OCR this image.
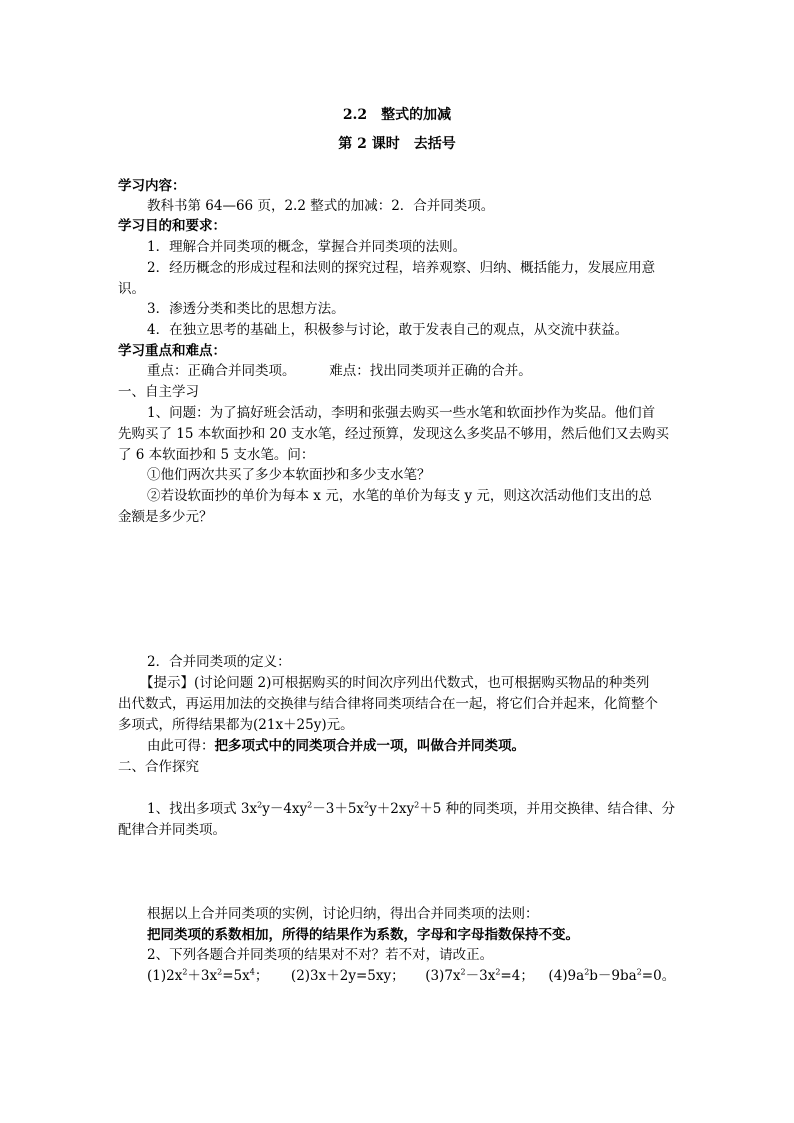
2.2　整式的加减
第 2 课时　去括号
学习内容：
教科书第 64—66 页，2.2 整式的加减：2．合并同类项。
学习目的和要求：
1．理解合并同类项的概念，掌握合并同类项的法则。
2．经历概念的形成过程和法则的探究过程，培养观察、归纳、概括能力，发展应用意
识。
3．渗透分类和类比的思想方法。
4．在独立思考的基础上，积极参与讨论，敢于发表自己的观点，从交流中获益。
学习重点和难点：
重点：正确合并同类项。　　　难点：找出同类项并正确的合并。
一、自主学习
1、问题：为了搞好班会活动，李明和张强去购买一些水笔和软面抄作为奖品。他们首
先购买了 15 本软面抄和 20 支水笔，经过预算，发现这么多奖品不够用，然后他们又去购买
了 6 本软面抄和 5 支水笔。问：
①他们两次共买了多少本软面抄和多少支水笔？
②若设软面抄的单价为每本 x 元，水笔的单价为每支 y 元，则这次活动他们支出的总
金额是多少元？
2．合并同类项的定义：
【提示】(讨论问题 2)可根据购买的时间次序列出代数式，也可根据购买物品的种类列
出代数式，再运用加法的交换律与结合律将同类项结合在一起，将它们合并起来，化简整个
多项式，所得结果都为(21x＋25y)元。
由此可得：把多项式中的同类项合并成一项，叫做合并同类项。
二、合作探究
1、找出多项式 $3x^2y-4xy^2-3+5x^2y+2xy^2+5$ 种的同类项，并用交换律、结合律、分
配律合并同类项。
根据以上合并同类项的实例，讨论归纳，得出合并同类项的法则：
把同类项的系数相加，所得的结果作为系数，字母和字母指数保持不变。
2、下列各题合并同类项的结果对不对？若不对，请改正。
$(1)2x^2+3x^2=5x^4$； (2)3x＋2y=5xy； $(3)7x^2-3x^2=4$； $(4)9a^2b-9ba^2=0$。
